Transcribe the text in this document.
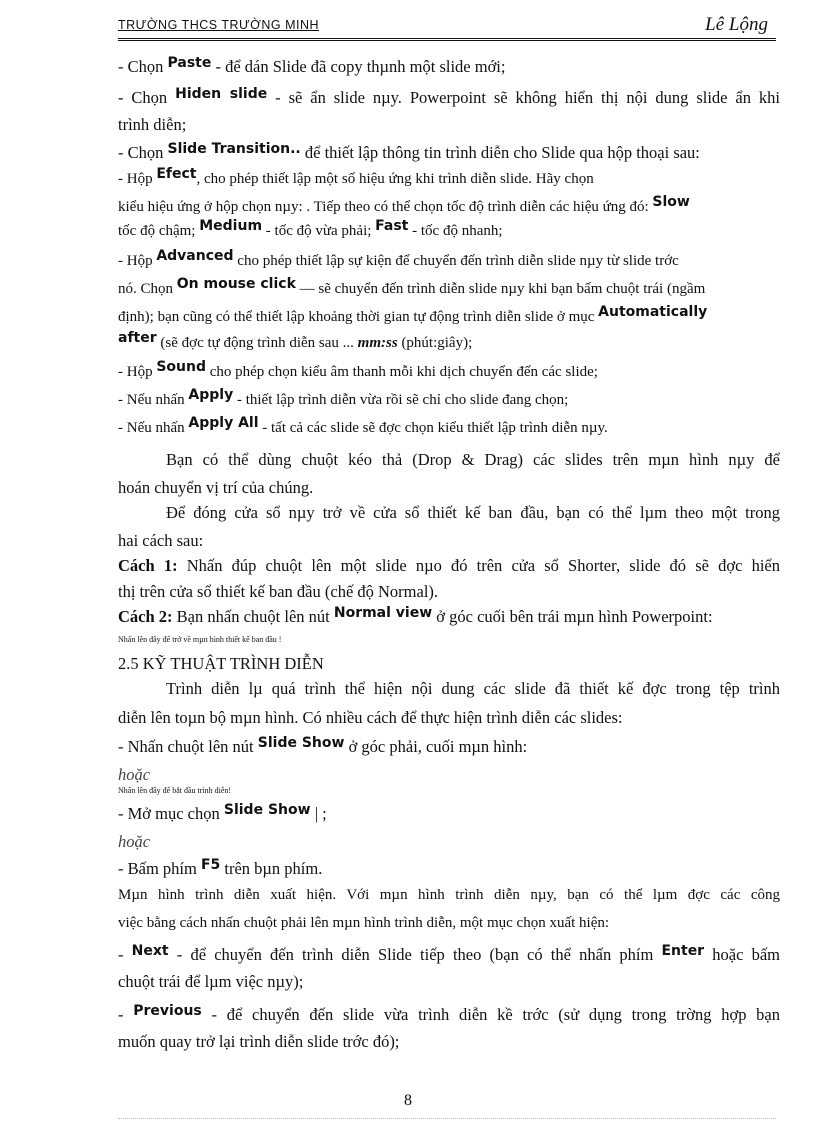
TRƯỜNG THCS TRƯỜNG MINH	Lê Lộng
- Chọn $^{Paste}$ - để dán Slide đã copy thµnh một slide mới;
- Chọn $^{Hiden slide}$ - sẽ ẩn slide nµy. Powerpoint sẽ không hiển thị nội dung slide ẩn khi
trình diễn;
- Chọn $^{Slide Transition..}$ để thiết lập thông tin trình diễn cho Slide qua hộp thoại sau:
- Hộp Efect, cho phép thiết lập một số hiệu ứng khi trình diễn slide. Hãy chọn
kiểu hiệu ứng ở hộp chọn nµy: . Tiếp theo có thể chọn tốc độ trình diễn các hiệu ứng đó: Slow
tốc độ chậm; Medium - tốc độ vừa phải; Fast - tốc độ nhanh;
- Hộp Advanced cho phép thiết lập sự kiện để chuyển đến trình diễn slide nµy từ slide trớc
nó. Chọn On mouse click — sẽ chuyển đến trình diễn slide nµy khi bạn bấm chuột trái (ngầm
định); bạn cũng có thể thiết lập khoảng thời gian tự động trình diễn slide ở mục Automatically
after (sẽ đợc tự động trình diễn sau ... mm:ss (phút:giây);
- Hộp Sound cho phép chọn kiểu âm thanh mỗi khi dịch chuyển đến các slide;
- Nếu nhấn Apply - thiết lập trình diễn vừa rồi sẽ chỉ cho slide đang chọn;
- Nếu nhấn Apply All - tất cả các slide sẽ đợc chọn kiểu thiết lập trình diễn nµy.
Bạn có thể dùng chuột kéo thả (Drop & Drag) các slides trên mµn hình nµy để
hoán chuyển vị trí của chúng.
Để đóng cửa sổ nµy trở về cửa sổ thiết kế ban đầu, bạn có thể lµm theo một trong
hai cách sau:
Cách 1: Nhấn đúp chuột lên một slide nµo đó trên cửa sổ Shorter, slide đó sẽ đợc hiển
thị trên cửa sổ thiết kế ban đầu (chế độ Normal).
Cách 2: Bạn nhấn chuột lên nút $^{Normal view}$ ở góc cuối bên trái mµn hình Powerpoint:
Nhấn lên đây để trở về mµn hình thiết kế ban đầu !
2.5 KỸ THUẬT TRÌNH DIỄN
Trình diễn lµ quá trình thể hiện nội dung các slide đã thiết kế đợc trong tệp trình
diễn lên toµn bộ mµn hình. Có nhiều cách để thực hiện trình diễn các slides:
- Nhấn chuột lên nút $^{Slide Show}$ ở góc phải, cuối mµn hình:
hoặc
Nhấn lên đây để bắt đầu trình diễn!
- Mở mục chọn $^{Slide Show}$ | ;
hoặc
- Bấm phím $^{F5}$ trên bµn phím.
Mµn hình trình diễn xuất hiện. Với mµn hình trình diễn nµy, bạn có thể lµm đợc các công
việc bằng cách nhấn chuột phải lên mµn hình trình diễn, một mục chọn xuất hiện:
- $^{Next}$ - để chuyển đến trình diễn Slide tiếp theo (bạn có thể nhấn phím $^{Enter}$ hoặc bấm
chuột trái để lµm việc nµy);
- $^{Previous}$ - để chuyển đến slide vừa trình diễn kề trớc (sử dụng trong trờng hợp bạn
muốn quay trở lại trình diễn slide trớc đó);
8
